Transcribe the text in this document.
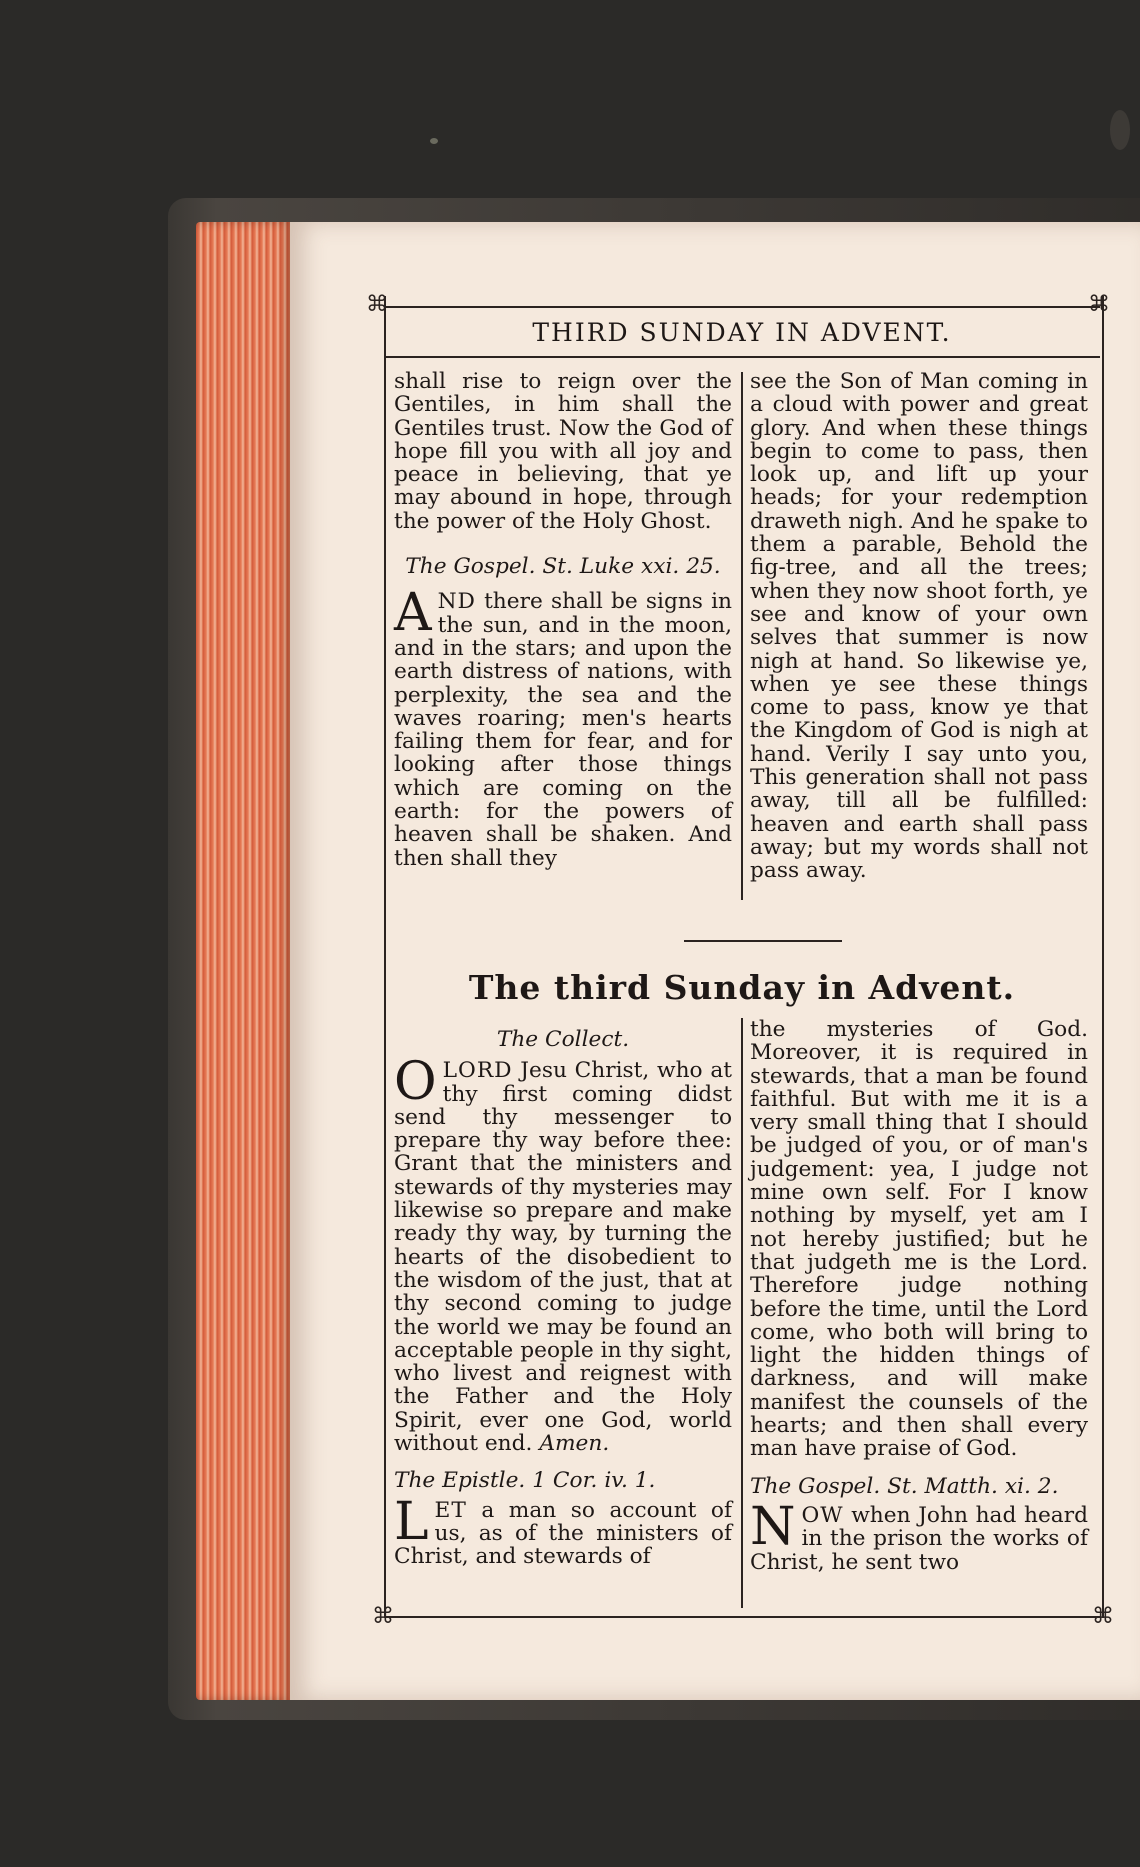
⌘	⌘
⌘	⌘
THIRD SUNDAY IN ADVENT.

shall rise to reign over the Gentiles, in him shall the Gentiles trust. Now the God of hope fill you with all joy and peace in believing, that ye may abound in hope, through the power of the Holy Ghost.

The Gospel. St. Luke xxi. 25.

AND there shall be signs in the sun, and in the moon, and in the stars; and upon the earth distress of nations, with perplexity, the sea and the waves roaring; men's hearts failing them for fear, and for looking after those things which are coming on the earth: for the powers of heaven shall be shaken. And then shall they

see the Son of Man coming in a cloud with power and great glory. And when these things begin to come to pass, then look up, and lift up your heads; for your redemption draweth nigh. And he spake to them a parable, Behold the fig-tree, and all the trees; when they now shoot forth, ye see and know of your own selves that summer is now nigh at hand. So likewise ye, when ye see these things come to pass, know ye that the Kingdom of God is nigh at hand. Verily I say unto you, This generation shall not pass away, till all be fulfilled: heaven and earth shall pass away; but my words shall not pass away.

The third Sunday in Advent.

The Collect.

OLORD Jesu Christ, who at thy first coming didst send thy messenger to prepare thy way before thee: Grant that the ministers and stewards of thy mysteries may likewise so prepare and make ready thy way, by turning the hearts of the disobedient to the wisdom of the just, that at thy second coming to judge the world we may be found an acceptable people in thy sight, who livest and reignest with the Father and the Holy Spirit, ever one God, world without end. Amen.

The Epistle. 1 Cor. iv. 1.

LET a man so account of us, as of the ministers of Christ, and stewards of

the mysteries of God. Moreover, it is required in stewards, that a man be found faithful. But with me it is a very small thing that I should be judged of you, or of man's judgement: yea, I judge not mine own self. For I know nothing by myself, yet am I not hereby justified; but he that judgeth me is the Lord. Therefore judge nothing before the time, until the Lord come, who both will bring to light the hidden things of darkness, and will make manifest the counsels of the hearts; and then shall every man have praise of God.

The Gospel. St. Matth. xi. 2.

NOW when John had heard in the prison the works of Christ, he sent two
